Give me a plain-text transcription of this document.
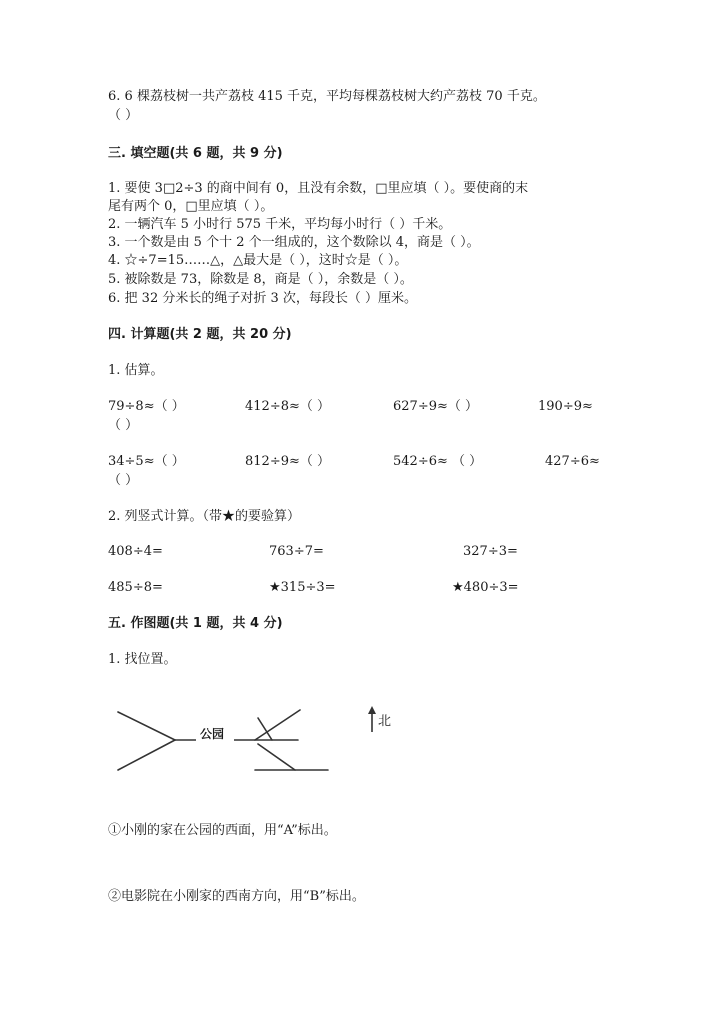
6. 6 棵荔枝树一共产荔枝 415 千克，平均每棵荔枝树大约产荔枝 70 千克。
（ ）
三. 填空题(共 6 题，共 9 分)
1. 要使 3□2÷3 的商中间有 0，且没有余数，□里应填（ ）。要使商的末
尾有两个 0，□里应填（ ）。
2. 一辆汽车 5 小时行 575 千米，平均每小时行（ ）千米。
3. 一个数是由 5 个十 2 个一组成的，这个数除以 4，商是（ ）。
4. ☆÷7=15……△，△最大是（ ），这时☆是（ ）。
5. 被除数是 73，除数是 8，商是（ ），余数是（ ）。
6. 把 32 分米长的绳子对折 3 次，每段长（ ）厘米。
四. 计算题(共 2 题，共 20 分)
1. 估算。
79÷8≈（ ）	412÷8≈（ ）	627÷9≈（ ）	190÷9≈
（ ）
34÷5≈（ ）	812÷9≈（ ）	542÷6≈ （ ）	427÷6≈
（ ）
2. 列竖式计算。（带★的要验算）
408÷4=	763÷7=	327÷3=
485÷8=	★315÷3=	★480÷3=
五. 作图题(共 1 题，共 4 分)
1. 找位置。
公园
北
①小刚的家在公园的西面，用“A”标出。
②电影院在小刚家的西南方向，用“B”标出。
